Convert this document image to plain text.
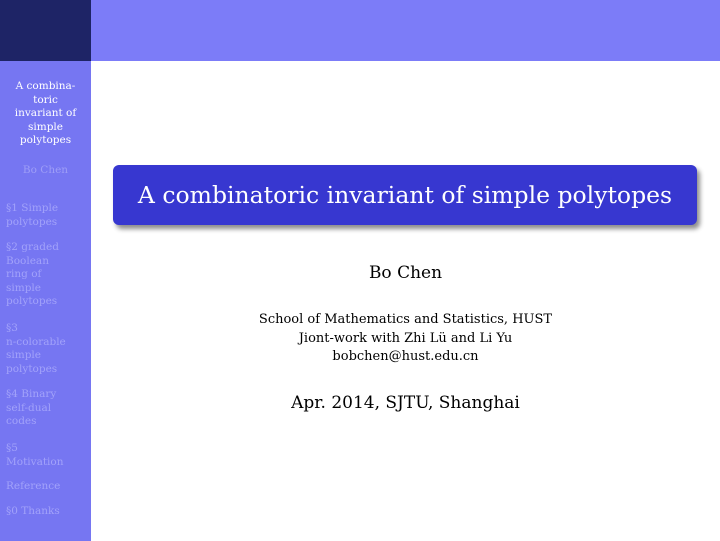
A combina-
toric
invariant of
simple
polytopes
Bo Chen
§1 Simple
polytopes
§2 graded
Boolean
ring of
simple
polytopes
§3
n-colorable
simple
polytopes
§4 Binary
self-dual
codes
§5
Motivation
Reference
§0 Thanks
A combinatoric invariant of simple polytopes
Bo Chen
School of Mathematics and Statistics, HUST
Jiont-work with Zhi Lü and Li Yu
bobchen@hust.edu.cn
Apr. 2014, SJTU, Shanghai
